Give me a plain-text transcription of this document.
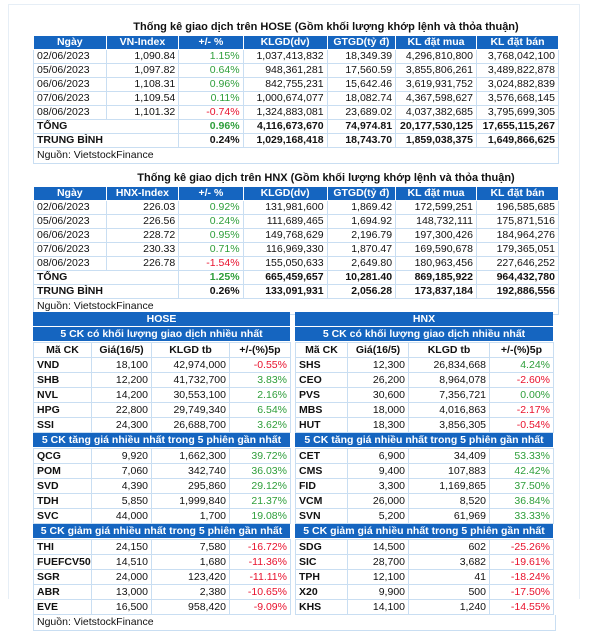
Thống kê giao dịch trên HOSE (Gồm khối lượng khớp lệnh và thỏa thuận)
Ngày	VN-Index	+/- %	KLGD(dv)	GTGD(tỷ đ)	KL đặt mua	KL đặt bán
02/06/2023	1,090.84	1.15%	1,037,413,832	18,349.39	4,296,810,800	3,768,042,100
05/06/2023	1,097.82	0.64%	948,361,281	17,560.59	3,855,806,261	3,489,822,878
06/06/2023	1,108.31	0.96%	842,755,231	15,642.46	3,619,931,752	3,024,882,839
07/06/2023	1,109.54	0.11%	1,000,674,077	18,082.74	4,367,598,627	3,576,668,145
08/06/2023	1,101.32	-0.74%	1,324,883,081	23,689.02	4,037,382,685	3,795,699,305
TỔNG		0.96%	4,116,673,670	74,974.81	20,177,530,125	17,655,115,267
TRUNG BÌNH		0.24%	1,029,168,418	18,743.70	1,859,038,375	1,649,866,625
Nguồn: VietstockFinance
Thống kê giao dịch trên HNX (Gồm khối lượng khớp lệnh và thỏa thuận)
Ngày	HNX-Index	+/- %	KLGD(dv)	GTGD(tỷ đ)	KL đặt mua	KL đặt bán
02/06/2023	226.03	0.92%	131,981,600	1,869.42	172,599,251	196,585,685
05/06/2023	226.56	0.24%	111,689,465	1,694.92	148,732,111	175,871,516
06/06/2023	228.72	0.95%	149,768,629	2,196.79	197,300,426	184,964,276
07/06/2023	230.33	0.71%	116,969,330	1,870.47	169,590,678	179,365,051
08/06/2023	226.78	-1.54%	155,050,633	2,649.80	180,963,456	227,646,252
TỔNG		1.25%	665,459,657	10,281.40	869,185,922	964,432,780
TRUNG BÌNH		0.26%	133,091,931	2,056.28	173,837,184	192,886,556
Nguồn: VietstockFinance
HOSE
5 CK có khối lượng giao dịch nhiều nhất
Mã CK	Giá(16/5)	KLGD tb	+/-(%)5p
VND	18,100	42,974,000	-0.55%
SHB	12,200	41,732,700	3.83%
NVL	14,200	30,553,100	2.16%
HPG	22,800	29,749,340	6.54%
SSI	24,300	26,688,700	3.62%
5 CK tăng giá nhiều nhất trong 5 phiên gần nhất
QCG	9,920	1,662,300	39.72%
POM	7,060	342,740	36.03%
SVD	4,390	295,860	29.12%
TDH	5,850	1,999,840	21.37%
SVC	44,000	1,700	19.08%
5 CK giảm giá nhiều nhất trong 5 phiên gần nhất
THI	24,150	7,580	-16.72%
FUEFCV50	14,510	1,680	-11.36%
SGR	24,000	123,420	-11.11%
ABR	13,000	2,380	-10.65%
EVE	16,500	958,420	-9.09%
HNX
5 CK có khối lượng giao dịch nhiều nhất
Mã CK	Giá(16/5)	KLGD tb	+/-(%)5p
SHS	12,300	26,834,668	4.24%
CEO	26,200	8,964,078	-2.60%
PVS	30,600	7,356,721	0.00%
MBS	18,000	4,016,863	-2.17%
HUT	18,300	3,856,305	-0.54%
5 CK tăng giá nhiều nhất trong 5 phiên gần nhất
CET	6,900	34,409	53.33%
CMS	9,400	107,883	42.42%
FID	3,300	1,169,865	37.50%
VCM	26,000	8,520	36.84%
SVN	5,200	61,969	33.33%
5 CK giảm giá nhiều nhất trong 5 phiên gần nhất
SDG	14,500	602	-25.26%
SIC	28,700	3,682	-19.61%
TPH	12,100	41	-18.24%
X20	9,900	500	-17.50%
KHS	14,100	1,240	-14.55%
Nguồn: VietstockFinance
